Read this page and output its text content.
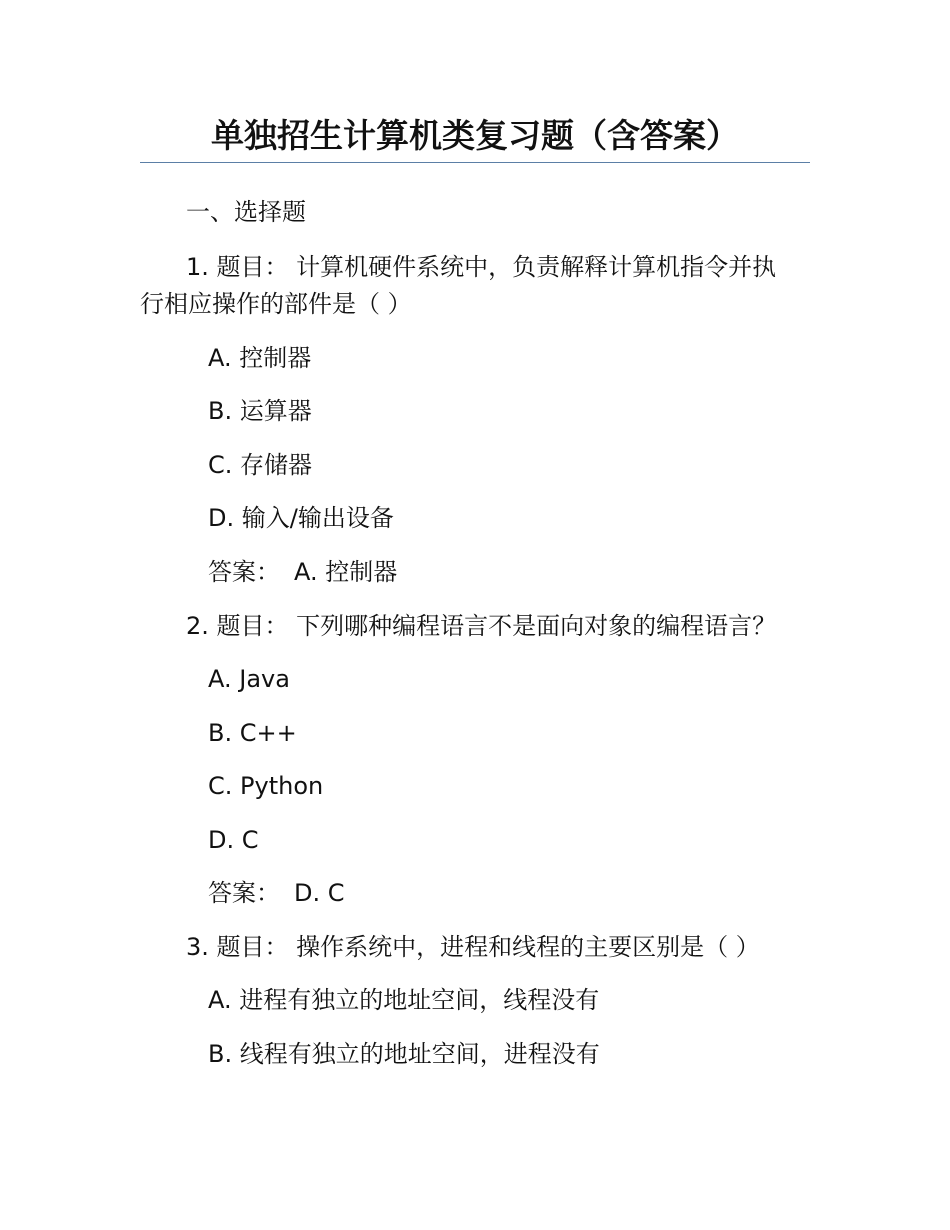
单独招生计算机类复习题（含答案）

一、选择题

1. 题目： 计算机硬件系统中，负责解释计算机指令并执

行相应操作的部件是（ ）

A. 控制器

B. 运算器

C. 存储器

D. 输入/输出设备

答案： A. 控制器

2. 题目： 下列哪种编程语言不是面向对象的编程语言？

A. Java

B. C++

C. Python

D. C

答案： D. C

3. 题目： 操作系统中，进程和线程的主要区别是（ ）

A. 进程有独立的地址空间，线程没有

B. 线程有独立的地址空间，进程没有
